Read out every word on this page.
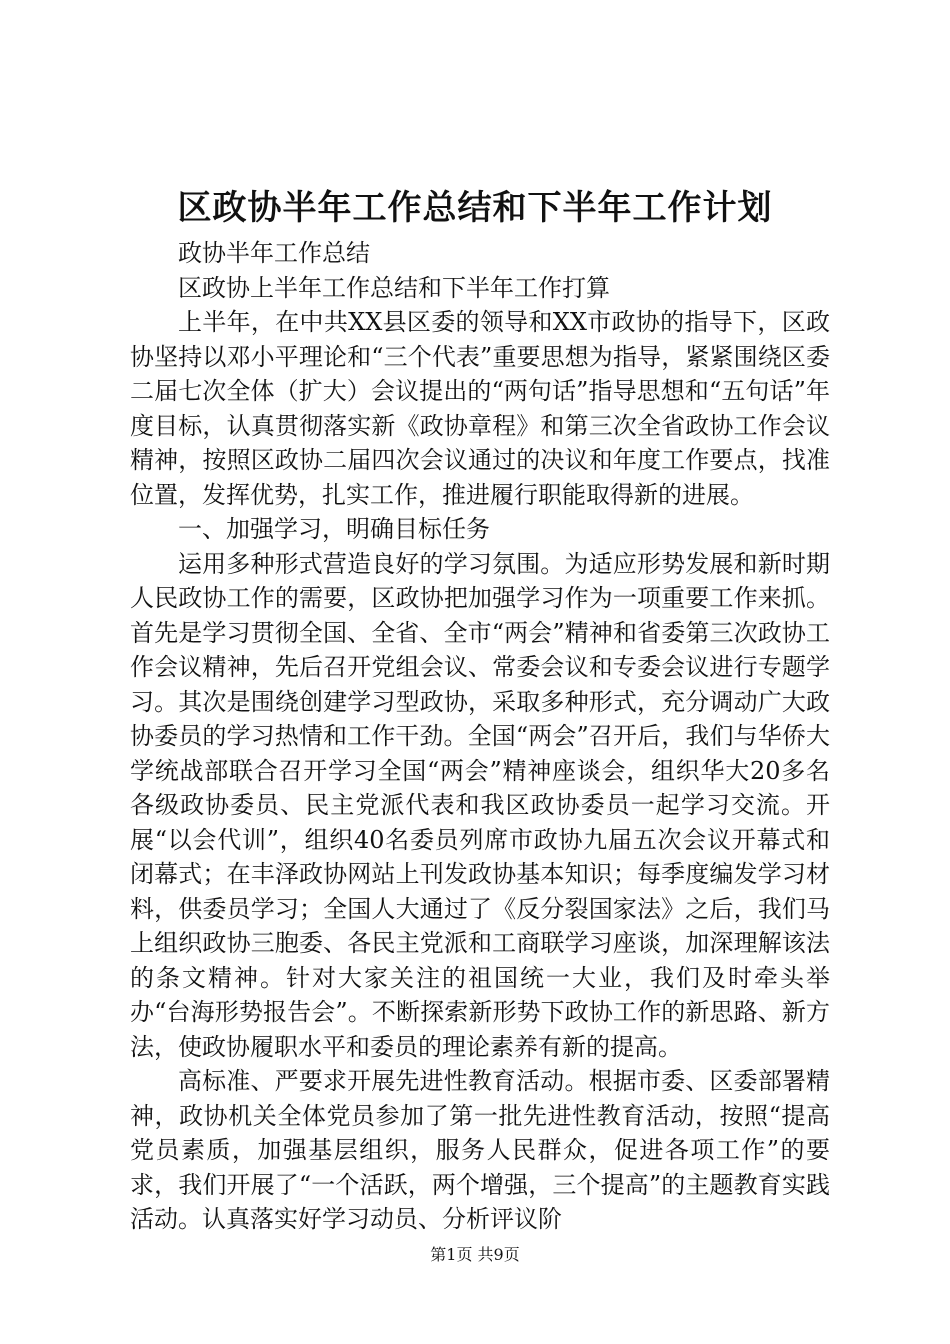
区政协半年工作总结和下半年工作计划

政协半年工作总结

区政协上半年工作总结和下半年工作打算

上半年，在中共XX县区委的领导和XX市政协的指导下，区政协坚持以邓小平理论和“三个代表”重要思想为指导，紧紧围绕区委二届七次全体（扩大）会议提出的“两句话”指导思想和“五句话”年度目标，认真贯彻落实新《政协章程》和第三次全省政协工作会议精神，按照区政协二届四次会议通过的决议和年度工作要点，找准位置，发挥优势，扎实工作，推进履行职能取得新的进展。

一、加强学习，明确目标任务

运用多种形式营造良好的学习氛围。为适应形势发展和新时期人民政协工作的需要，区政协把加强学习作为一项重要工作来抓。首先是学习贯彻全国、全省、全市“两会”精神和省委第三次政协工作会议精神，先后召开党组会议、常委会议和专委会议进行专题学习。其次是围绕创建学习型政协，采取多种形式，充分调动广大政协委员的学习热情和工作干劲。全国“两会”召开后，我们与华侨大学统战部联合召开学习全国“两会”精神座谈会，组织华大20多名各级政协委员、民主党派代表和我区政协委员一起学习交流。开展“以会代训”，组织40名委员列席市政协九届五次会议开幕式和闭幕式；在丰泽政协网站上刊发政协基本知识；每季度编发学习材料，供委员学习；全国人大通过了《反分裂国家法》之后，我们马上组织政协三胞委、各民主党派和工商联学习座谈，加深理解该法的条文精神。针对大家关注的祖国统一大业，我们及时牵头举办“台海形势报告会”。不断探索新形势下政协工作的新思路、新方法，使政协履职水平和委员的理论素养有新的提高。

高标准、严要求开展先进性教育活动。根据市委、区委部署精神，政协机关全体党员参加了第一批先进性教育活动，按照“提高党员素质，加强基层组织，服务人民群众，促进各项工作”的要求，我们开展了“一个活跃，两个增强，三个提高”的主题教育实践活动。认真落实好学习动员、分析评议阶

第1页 共9页
